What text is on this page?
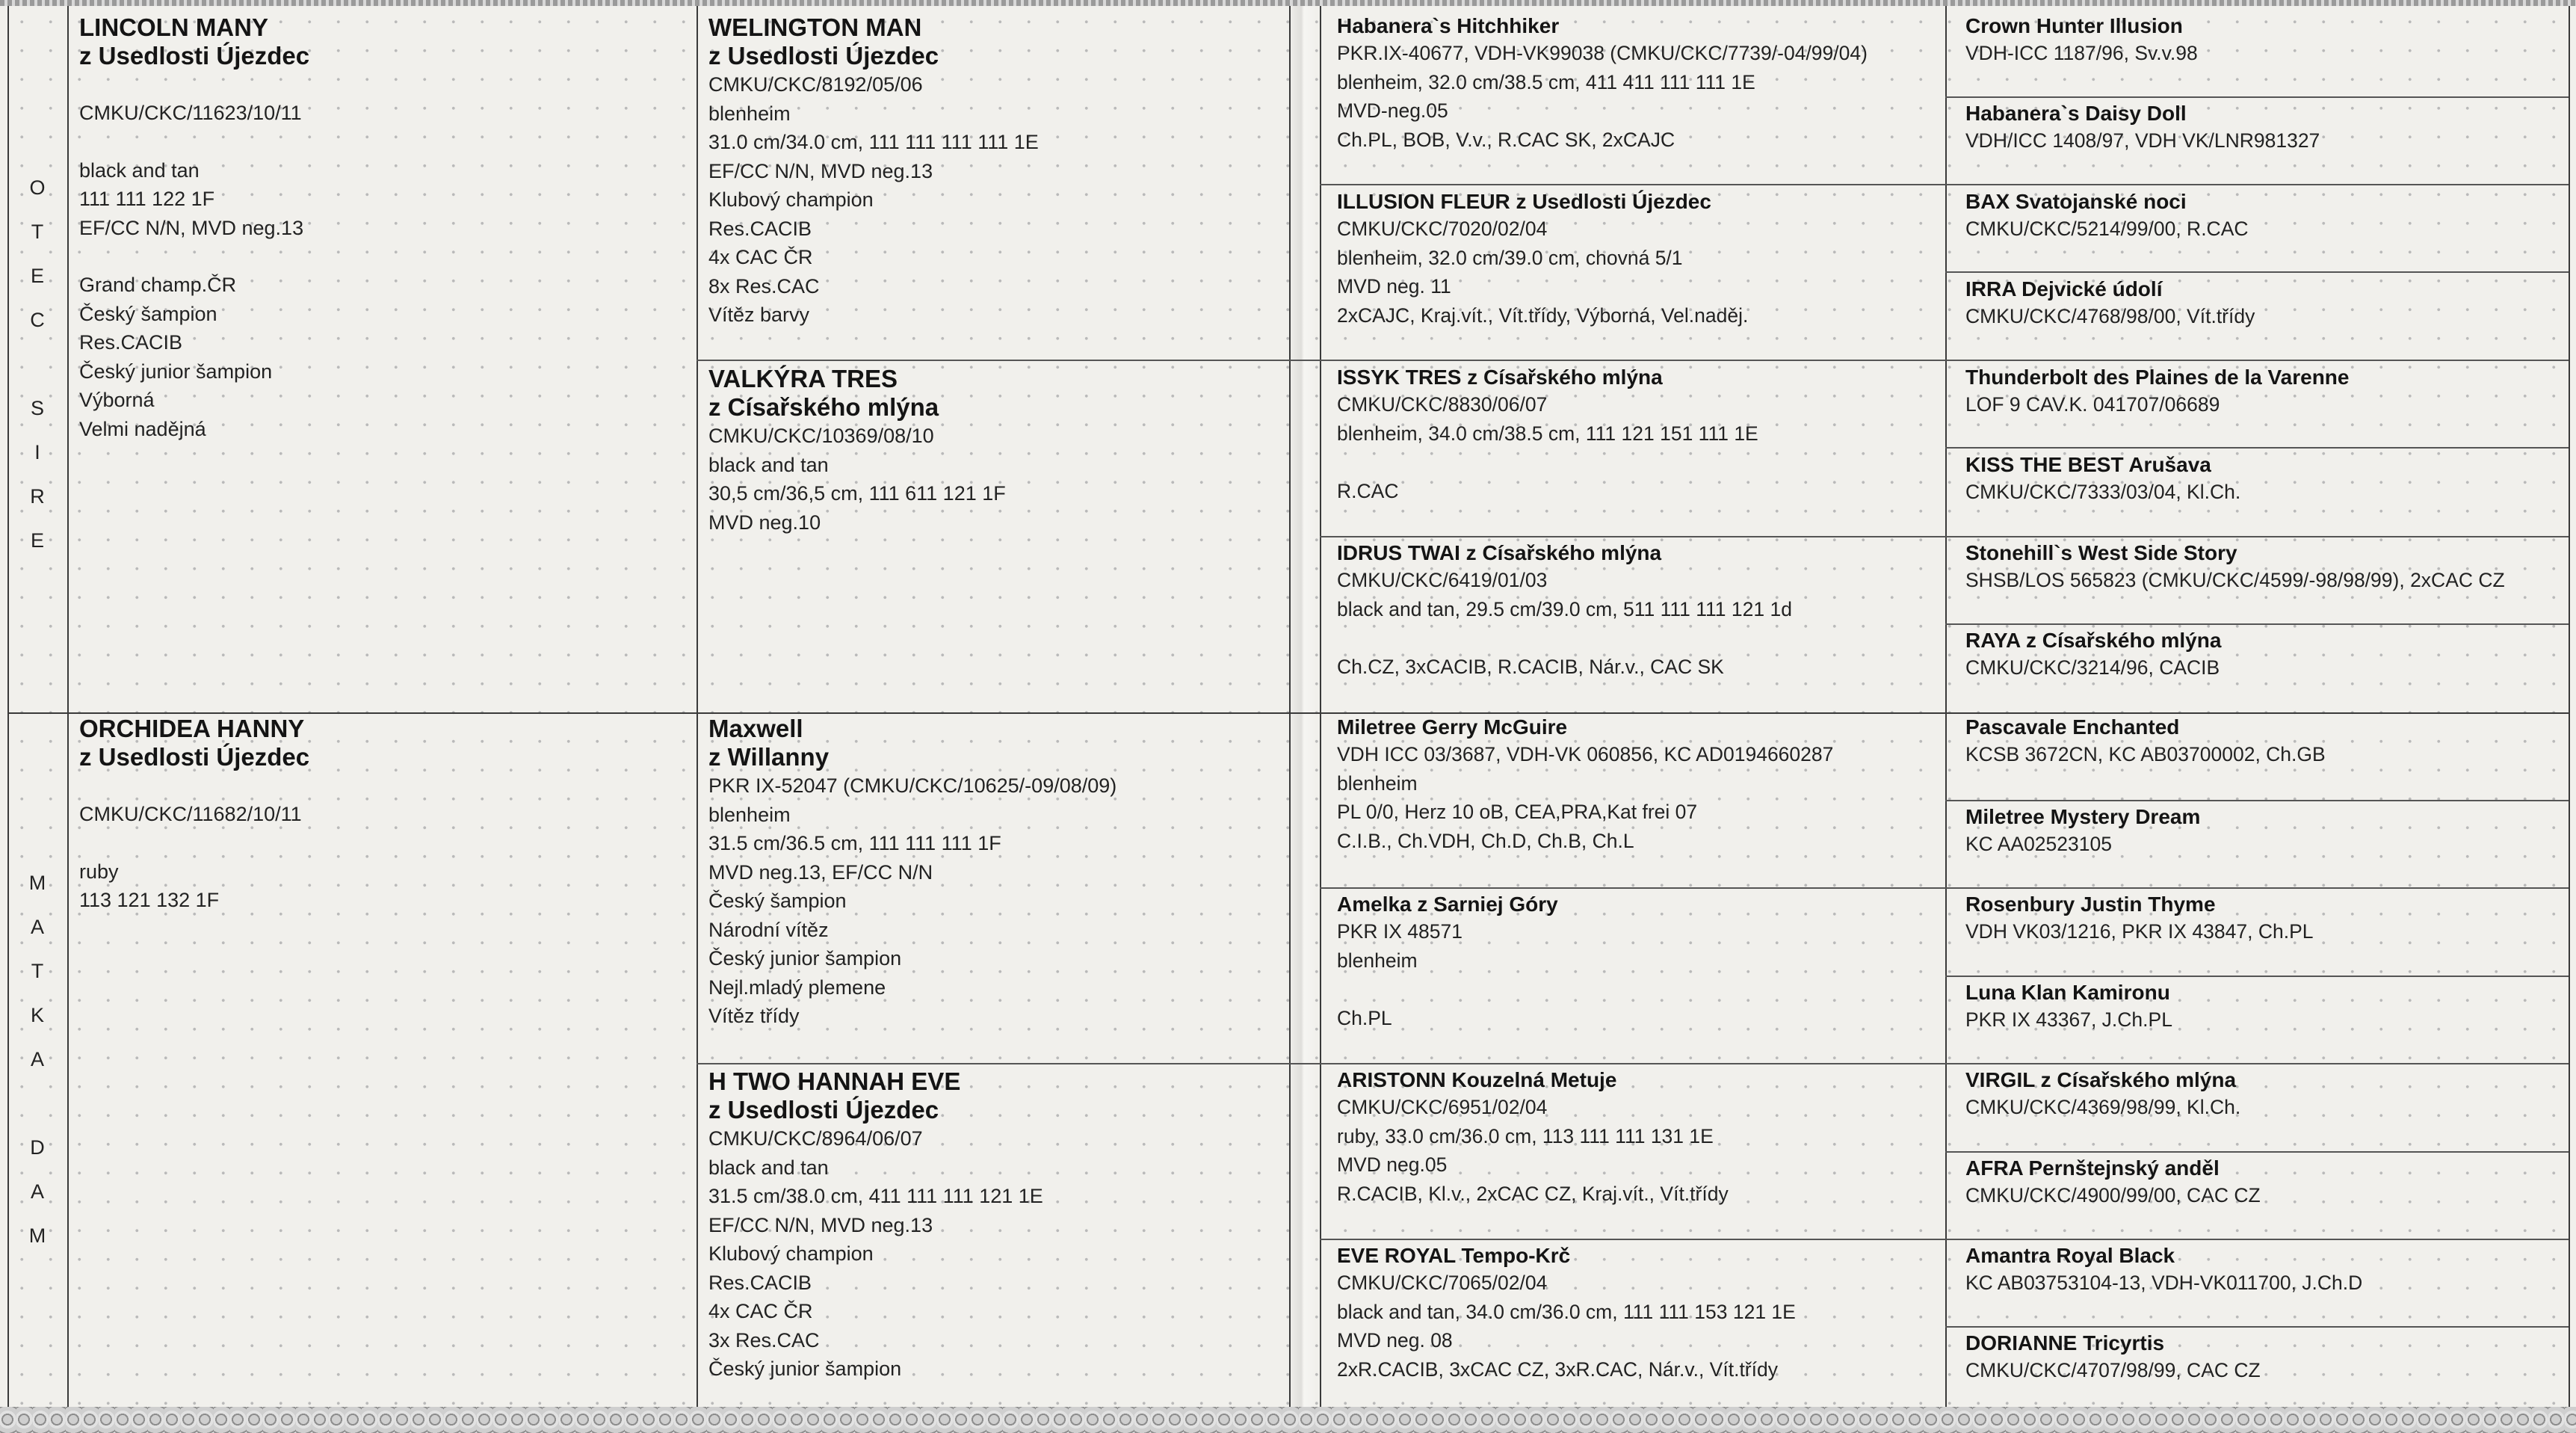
O
T
E
C

S
I
R
E
M
A
T
K
A

D
A
M
LINCOLN MANY
z Usedlosti Újezdec
CMKU/CKC/11623/10/11
black and tan
111 111 122 1F
EF/CC N/N, MVD neg.13
Grand champ.ČR
Český šampion
Res.CACIB
Český junior šampion
Výborná
Velmi nadějná
ORCHIDEA HANNY
z Usedlosti Újezdec
CMKU/CKC/11682/10/11
ruby
113 121 132 1F
WELINGTON MAN
z Usedlosti Újezdec
CMKU/CKC/8192/05/06
blenheim
31.0 cm/34.0 cm, 111 111 111 111 1E
EF/CC N/N, MVD neg.13
Klubový champion
Res.CACIB
4x CAC ČR
8x Res.CAC
Vítěz barvy
VALKÝRA TRES
z Císařského mlýna
CMKU/CKC/10369/08/10
black and tan
30,5 cm/36,5 cm, 111 611 121 1F
MVD neg.10
Maxwell
z Willanny
PKR IX-52047 (CMKU/CKC/10625/-09/08/09)
blenheim
31.5 cm/36.5 cm, 111 111 111 1F
MVD neg.13, EF/CC N/N
Český šampion
Národní vítěz
Český junior šampion
Nejl.mladý plemene
Vítěz třídy
H TWO HANNAH EVE
z Usedlosti Újezdec
CMKU/CKC/8964/06/07
black and tan
31.5 cm/38.0 cm, 411 111 111 121 1E
EF/CC N/N, MVD neg.13
Klubový champion
Res.CACIB
4x CAC ČR
3x Res.CAC
Český junior šampion
Habanera`s Hitchhiker
PKR.IX-40677, VDH-VK99038 (CMKU/CKC/7739/-04/99/04)
blenheim, 32.0 cm/38.5 cm, 411 411 111 111 1E
MVD-neg.05
Ch.PL, BOB, V.v., R.CAC SK, 2xCAJC
ILLUSION FLEUR z Usedlosti Újezdec
CMKU/CKC/7020/02/04
blenheim, 32.0 cm/39.0 cm, chovná 5/1
MVD neg. 11
2xCAJC, Kraj.vít., Vít.třídy, Výborná, Vel.naděj.
ISSYK TRES z Císařského mlýna
CMKU/CKC/8830/06/07
blenheim, 34.0 cm/38.5 cm, 111 121 151 111 1E
R.CAC
IDRUS TWAI z Císařského mlýna
CMKU/CKC/6419/01/03
black and tan, 29.5 cm/39.0 cm, 511 111 111 121 1d
Ch.CZ, 3xCACIB, R.CACIB, Nár.v., CAC SK
Miletree Gerry McGuire
VDH ICC 03/3687, VDH-VK 060856, KC AD0194660287
blenheim
PL 0/0, Herz 10 oB, CEA,PRA,Kat frei 07
C.I.B., Ch.VDH, Ch.D, Ch.B, Ch.L
Amelka z Sarniej Góry
PKR IX 48571
blenheim
Ch.PL
ARISTONN Kouzelná Metuje
CMKU/CKC/6951/02/04
ruby, 33.0 cm/36.0 cm, 113 111 111 131 1E
MVD neg.05
R.CACIB, Kl.v., 2xCAC CZ, Kraj.vít., Vít.třídy
EVE ROYAL Tempo-Krč
CMKU/CKC/7065/02/04
black and tan, 34.0 cm/36.0 cm, 111 111 153 121 1E
MVD neg. 08
2xR.CACIB, 3xCAC CZ, 3xR.CAC, Nár.v., Vít.třídy
Crown Hunter Illusion
VDH-ICC 1187/96, Sv.v.98
Habanera`s Daisy Doll
VDH/ICC 1408/97, VDH VK/LNR981327
BAX Svatojanské noci
CMKU/CKC/5214/99/00, R.CAC
IRRA Dejvické údolí
CMKU/CKC/4768/98/00, Vít.třídy
Thunderbolt des Plaines de la Varenne
LOF 9 CAV.K. 041707/06689
KISS THE BEST Arušava
CMKU/CKC/7333/03/04, Kl.Ch.
Stonehill`s West Side Story
SHSB/LOS 565823 (CMKU/CKC/4599/-98/98/99), 2xCAC CZ
RAYA z Císařského mlýna
CMKU/CKC/3214/96, CACIB
Pascavale Enchanted
KCSB 3672CN, KC AB03700002, Ch.GB
Miletree Mystery Dream
KC AA02523105
Rosenbury Justin Thyme
VDH VK03/1216, PKR IX 43847, Ch.PL
Luna Klan Kamironu
PKR IX 43367, J.Ch.PL
VIRGIL z Císařského mlýna
CMKU/CKC/4369/98/99, Kl.Ch.
AFRA Pernštejnský anděl
CMKU/CKC/4900/99/00, CAC CZ
Amantra Royal Black
KC AB03753104-13, VDH-VK011700, J.Ch.D
DORIANNE Tricyrtis
CMKU/CKC/4707/98/99, CAC CZ
